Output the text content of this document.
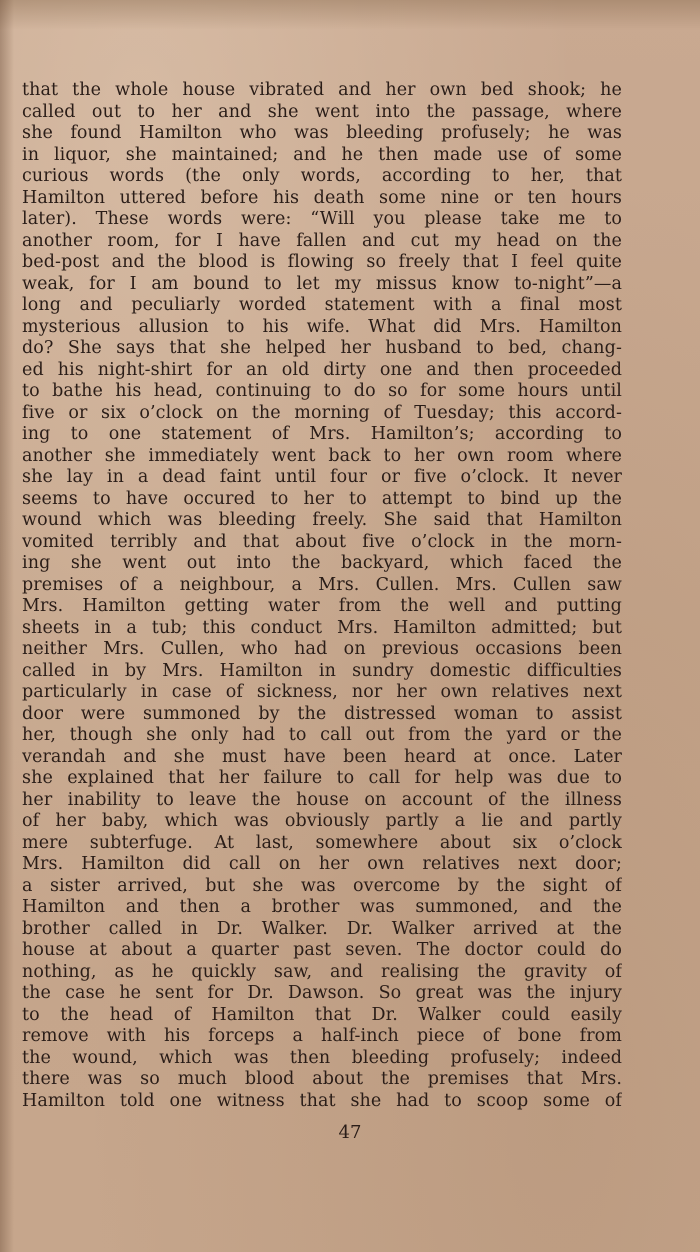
that the whole house vibrated and her own bed shook; he
called out to her and she went into the passage, where
she found Hamilton who was bleeding profusely; he was
in liquor, she maintained; and he then made use of some
curious words (the only words, according to her, that
Hamilton uttered before his death some nine or ten hours
later). These words were: “Will you please take me to
another room, for I have fallen and cut my head on the
bed-post and the blood is flowing so freely that I feel quite
weak, for I am bound to let my missus know to-night”—a
long and peculiarly worded statement with a final most
mysterious allusion to his wife. What did Mrs. Hamilton
do? She says that she helped her husband to bed, chang-
ed his night-shirt for an old dirty one and then proceeded
to bathe his head, continuing to do so for some hours until
five or six o’clock on the morning of Tuesday; this accord-
ing to one statement of Mrs. Hamilton’s; according to
another she immediately went back to her own room where
she lay in a dead faint until four or five o’clock. It never
seems to have occured to her to attempt to bind up the
wound which was bleeding freely. She said that Hamilton
vomited terribly and that about five o’clock in the morn-
ing she went out into the backyard, which faced the
premises of a neighbour, a Mrs. Cullen. Mrs. Cullen saw
Mrs. Hamilton getting water from the well and putting
sheets in a tub; this conduct Mrs. Hamilton admitted; but
neither Mrs. Cullen, who had on previous occasions been
called in by Mrs. Hamilton in sundry domestic difficulties
particularly in case of sickness, nor her own relatives next
door were summoned by the distressed woman to assist
her, though she only had to call out from the yard or the
verandah and she must have been heard at once. Later
she explained that her failure to call for help was due to
her inability to leave the house on account of the illness
of her baby, which was obviously partly a lie and partly
mere subterfuge. At last, somewhere about six o’clock
Mrs. Hamilton did call on her own relatives next door;
a sister arrived, but she was overcome by the sight of
Hamilton and then a brother was summoned, and the
brother called in Dr. Walker. Dr. Walker arrived at the
house at about a quarter past seven. The doctor could do
nothing, as he quickly saw, and realising the gravity of
the case he sent for Dr. Dawson. So great was the injury
to the head of Hamilton that Dr. Walker could easily
remove with his forceps a half-inch piece of bone from
the wound, which was then bleeding profusely; indeed
there was so much blood about the premises that Mrs.
Hamilton told one witness that she had to scoop some of
47
